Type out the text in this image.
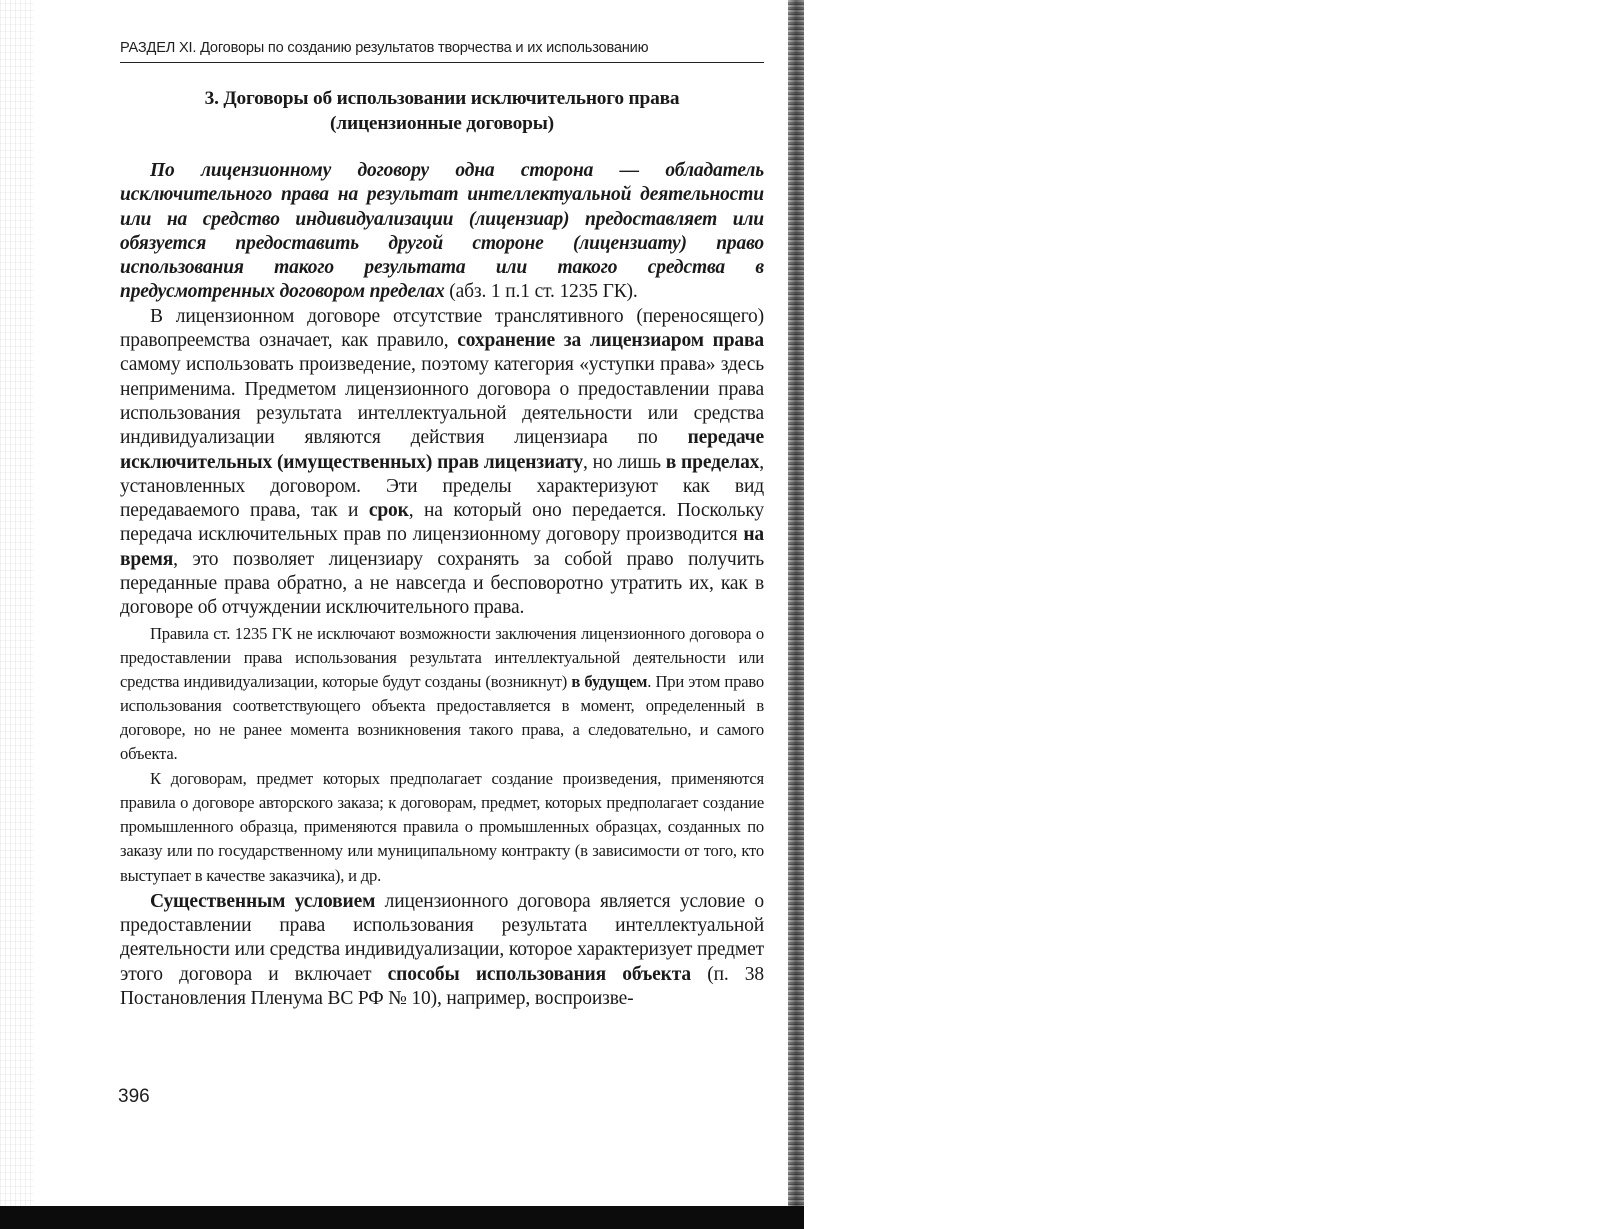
РАЗДЕЛ XI. Договоры по созданию результатов творчества и их использованию
3. Договоры об использовании исключительного права
(лицензионные договоры)
По лицензионному договору одна сторона — обладатель исключительного права на результат интеллектуальной деятельности или на средство индивидуализации (лицензиар) предоставляет или обязуется предоставить другой стороне (лицензиату) право использования такого результата или такого средства в предусмотренных договором пределах (абз. 1 п.1 ст. 1235 ГК).
В лицензионном договоре отсутствие транслятивного (переносящего) правопреемства означает, как правило, сохранение за лицензиаром права самому использовать произведение, поэтому категория «уступки права» здесь неприменима. Предметом лицензионного договора о предоставлении права использования результата интеллектуальной деятельности или средства индивидуализации являются действия лицензиара по передаче исключительных (имущественных) прав лицензиату, но лишь в пределах, установленных договором. Эти пределы характеризуют как вид передаваемого права, так и срок, на который оно передается. Поскольку передача исключительных прав по лицензионному договору производится на время, это позволяет лицензиару сохранять за собой право получить переданные права обратно, а не навсегда и бесповоротно утратить их, как в договоре об отчуждении исключительного права.
Правила ст. 1235 ГК не исключают возможности заключения лицензионного договора о предоставлении права использования результата интеллектуальной деятельности или средства индивидуализации, которые будут созданы (возникнут) в будущем. При этом право использования соответствующего объекта предоставляется в момент, определенный в договоре, но не ранее момента возникновения такого права, а следовательно, и самого объекта.
К договорам, предмет которых предполагает создание произведения, применяются правила о договоре авторского заказа; к договорам, предмет, которых предполагает создание промышленного образца, применяются правила о промышленных образцах, созданных по заказу или по государственному или муниципальному контракту (в зависимости от того, кто выступает в качестве заказчика), и др.
Существенным условием лицензионного договора является условие о предоставлении права использования результата интеллектуальной деятельности или средства индивидуализации, которое характеризует предмет этого договора и включает способы использования объекта (п. 38 Постановления Пленума ВС РФ № 10), например, воспроизве-
396
